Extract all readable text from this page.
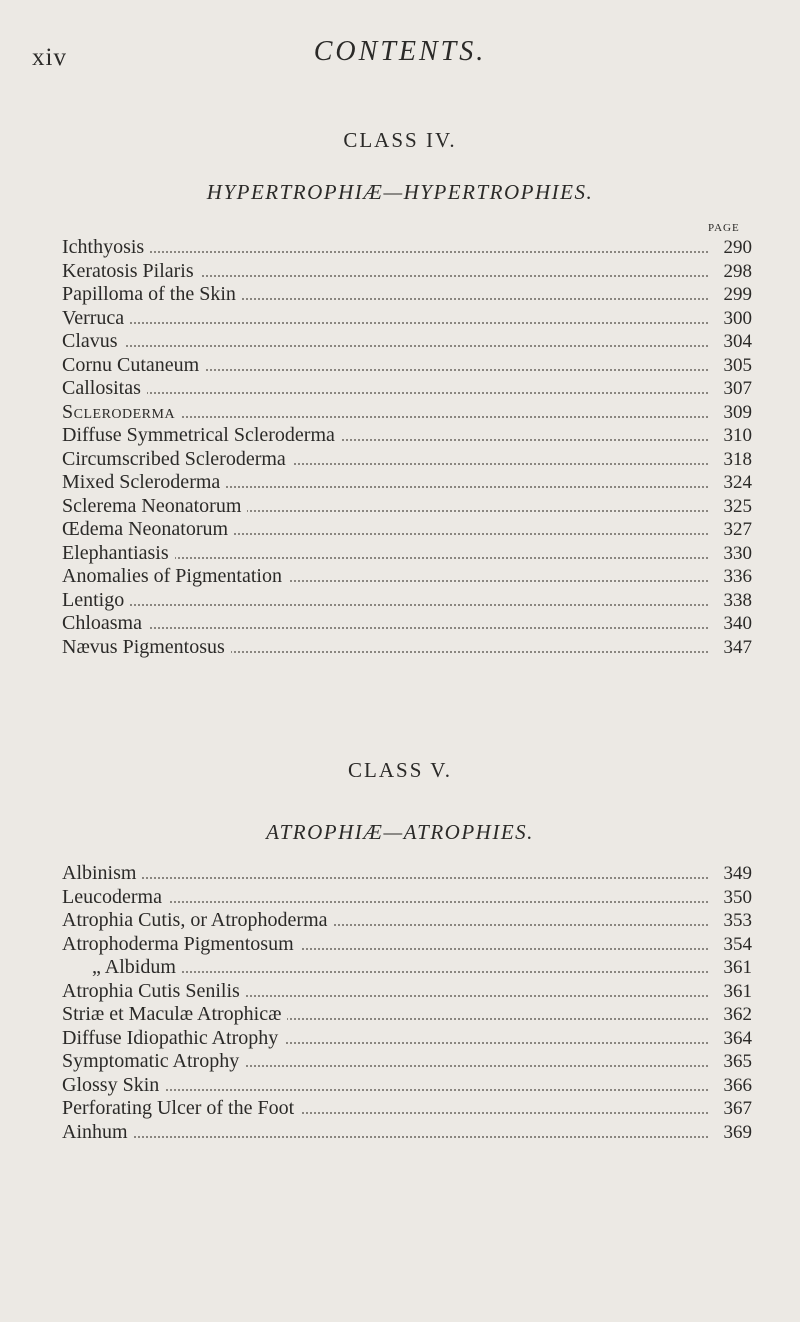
xiv	CONTENTS.
CLASS IV.
HYPERTROPHIÆ—HYPERTROPHIES.
PAGE
Ichthyosis	290
Keratosis Pilaris	298
Papilloma of the Skin	299
Verruca	300
Clavus	304
Cornu Cutaneum	305
Callositas	307
Scleroderma	309
Diffuse Symmetrical Scleroderma	310
Circumscribed Scleroderma	318
Mixed Scleroderma	324
Sclerema Neonatorum	325
Œdema Neonatorum	327
Elephantiasis	330
Anomalies of Pigmentation	336
Lentigo	338
Chloasma	340
Nævus Pigmentosus	347
CLASS V.
ATROPHIÆ—ATROPHIES.
Albinism	349
Leucoderma	350
Atrophia Cutis, or Atrophoderma	353
Atrophoderma Pigmentosum	354
„ Albidum	361
Atrophia Cutis Senilis	361
Striæ et Maculæ Atrophicæ	362
Diffuse Idiopathic Atrophy	364
Symptomatic Atrophy	365
Glossy Skin	366
Perforating Ulcer of the Foot	367
Ainhum	369
